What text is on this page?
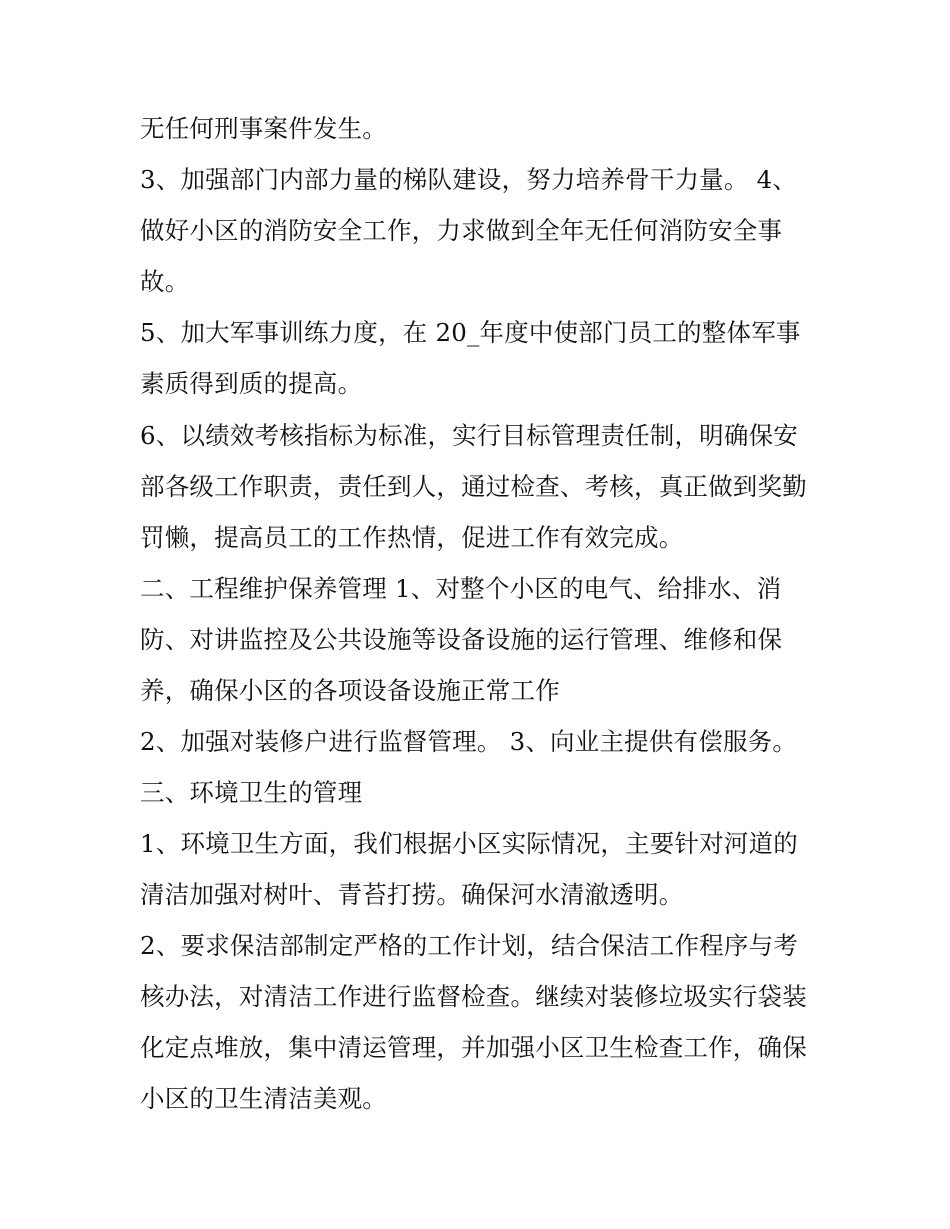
无任何刑事案件发生。
3、加强部门内部力量的梯队建设，努力培养骨干力量。 4、
做好小区的消防安全工作，力求做到全年无任何消防安全事
故。
5、加大军事训练力度，在 20_年度中使部门员工的整体军事
素质得到质的提高。
6、以绩效考核指标为标准，实行目标管理责任制，明确保安
部各级工作职责，责任到人，通过检查、考核，真正做到奖勤
罚懒，提高员工的工作热情，促进工作有效完成。
二、工程维护保养管理 1、对整个小区的电气、给排水、消
防、对讲监控及公共设施等设备设施的运行管理、维修和保
养，确保小区的各项设备设施正常工作
2、加强对装修户进行监督管理。 3、向业主提供有偿服务。
三、环境卫生的管理
1、环境卫生方面，我们根据小区实际情况，主要针对河道的
清洁加强对树叶、青苔打捞。确保河水清澈透明。
2、要求保洁部制定严格的工作计划，结合保洁工作程序与考
核办法，对清洁工作进行监督检查。继续对装修垃圾实行袋装
化定点堆放，集中清运管理，并加强小区卫生检查工作，确保
小区的卫生清洁美观。
